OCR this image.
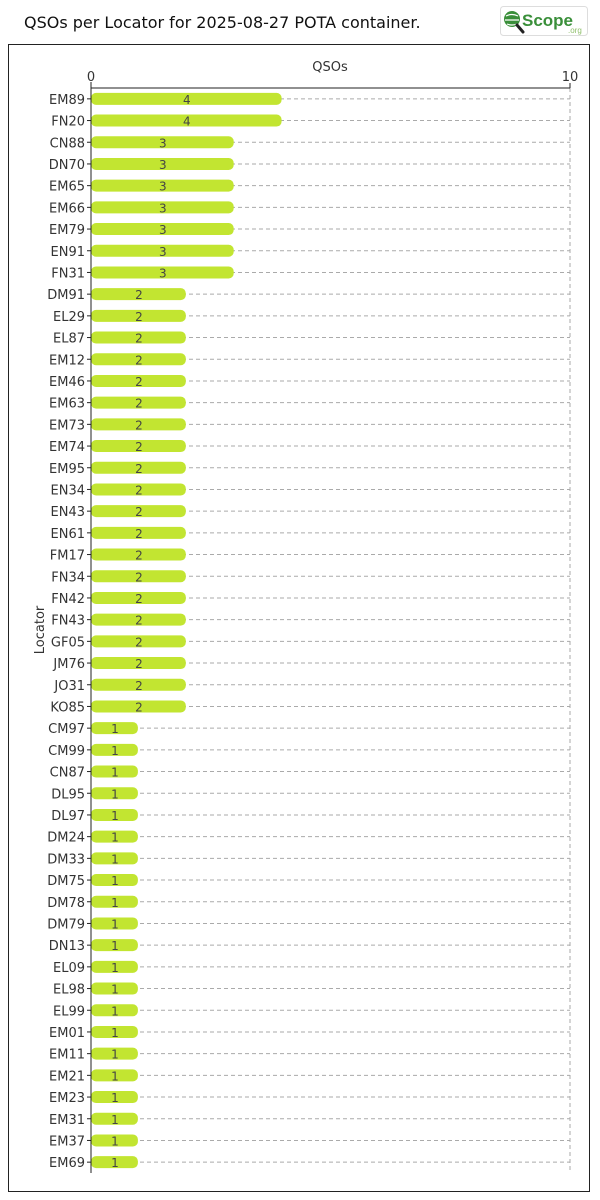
QSOs per Locator for 2025-08-27 POTA container.	Scope
.org
4
4
3
3
3
3
3
3
3
2
2
2
2
2
2
2
2
2
2
2
2
2
2
2
2
2
2
2
2
1
1
1
1
1
1
1
1
1
1
1
1
1
1
1
1
1
1
1
1
1
0	10
EM89
FN20
CN88
DN70
EM65
EM66
EM79
EN91
FN31
DM91
EL29
EL87
EM12
EM46
EM63
EM73
EM74
EM95
EN34
EN43
EN61
FM17
FN34
FN42
FN43
GF05
JM76
JO31
KO85
CM97
CM99
CN87
DL95
DL97
DM24
DM33
DM75
DM78
DM79
DN13
EL09
EL98
EL99
EM01
EM11
EM21
EM23
EM31
EM37
EM69
QSOs
Locator
